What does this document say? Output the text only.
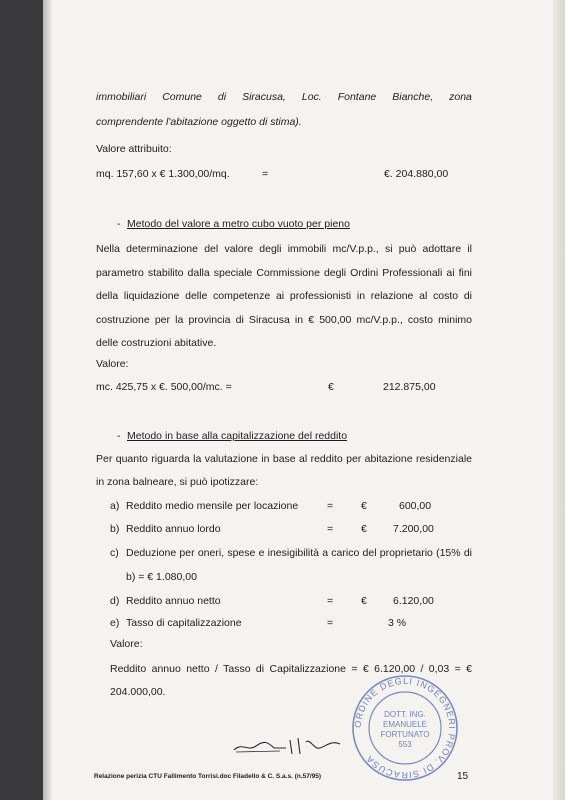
immobiliari Comune di Siracusa, Loc. Fontane Bianche, zona
comprendente l'abitazione oggetto di stima).
Valore attribuito:
mq. 157,60 x € 1.300,00/mq.	=	€. 204.880,00
- Metodo del valore a metro cubo vuoto per pieno
Nella determinazione del valore degli immobili mc/V.p.p., si può adottare il
parametro stabilito dalla speciale Commissione degli Ordini Professionali ai fini
della liquidazione delle competenze ai professionisti in relazione al costo di
costruzione per la provincia di Siracusa in € 500,00 mc/V.p.p., costo minimo
delle costruzioni abitative.
Valore:
mc. 425,75 x €. 500,00/mc. =	€	212.875,00
- Metodo in base alla capitalizzazione del reddito
Per quanto riguarda la valutazione in base al reddito per abitazione residenziale
in zona balneare, si può ipotizzare:
a) Reddito medio mensile per locazione	=	€	600,00
b) Reddito annuo lordo	=	€ 7.200,00
c) Deduzione per oneri, spese e inesigibilità a carico del proprietario (15% di
b) = € 1.080,00
d) Reddito annuo netto	=	€ 6.120,00
e) Tasso di capitalizzazione	=	3 %
Valore:
Reddito annuo netto / Tasso di Capitalizzazione = € 6.120,00 / 0,03 = €
204.000,00.
ORDINE DEGLI INGEGNERI PROV. DI SIRACUSA
DOTT. ING.
EMANUELE
FORTUNATO
553
Relazione perizia CTU Fallimento Torrisi.doc Filadello & C. S.a.s. (n.57/95)	15
